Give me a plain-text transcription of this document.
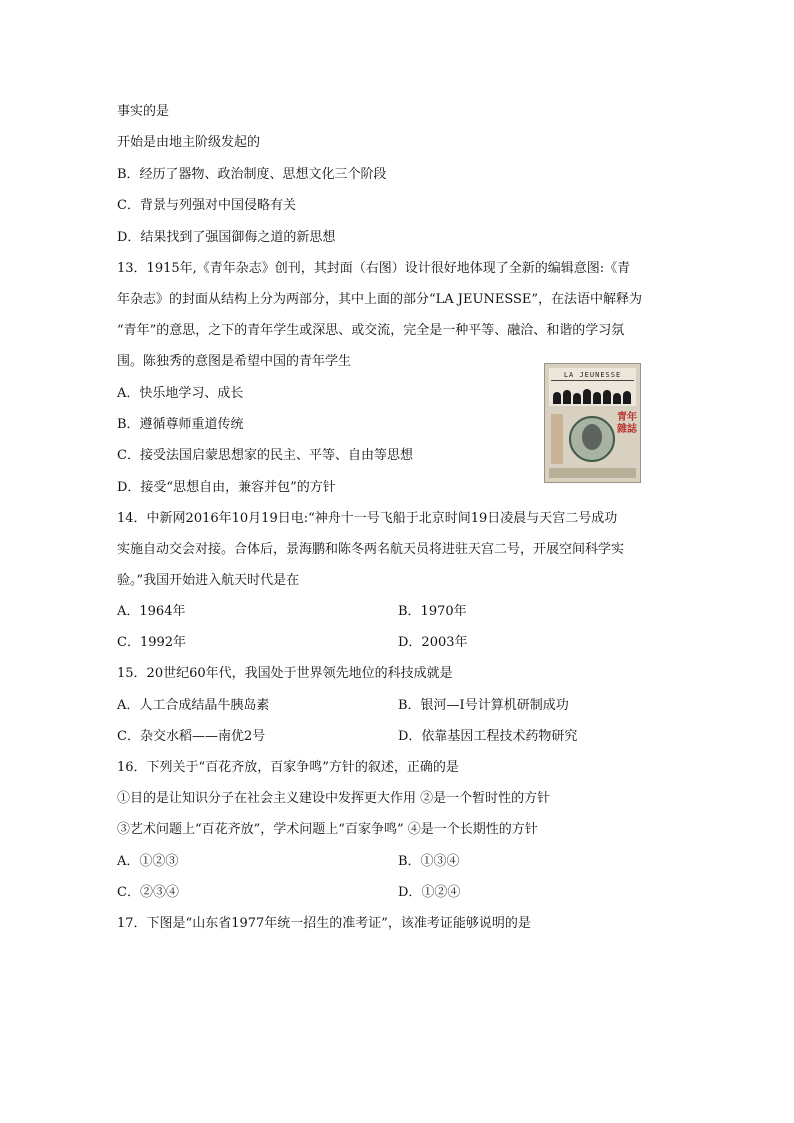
事实的是
开始是由地主阶级发起的
B．经历了器物、政治制度、思想文化三个阶段
C．背景与列强对中国侵略有关
D．结果找到了强国御侮之道的新思想
13．1915年,《青年杂志》创刊，其封面（右图）设计很好地体现了全新的编辑意图:《青
年杂志》的封面从结构上分为两部分，其中上面的部分“LA JEUNESSE”，在法语中解释为
“青年”的意思，之下的青年学生或深思、或交流，完全是一种平等、融洽、和谐的学习氛
围。陈独秀的意图是希望中国的青年学生
A．快乐地学习、成长
B．遵循尊师重道传统
C．接受法国启蒙思想家的民主、平等、自由等思想
D．接受“思想自由，兼容并包”的方针
LA JEUNESSE
青年雜誌
14．中新网2016年10月19日电:“神舟十一号飞船于北京时间19日凌晨与天宫二号成功
实施自动交会对接。合体后，景海鹏和陈冬两名航天员将进驻天宫二号，开展空间科学实
验。”我国开始进入航天时代是在
A．1964年	B．1970年
C．1992年	D．2003年
15．20世纪60年代，我国处于世界领先地位的科技成就是
A．人工合成结晶牛胰岛素	B．银河—I号计算机研制成功
C．杂交水稻——南优2号	D．依靠基因工程技术药物研究
16．下列关于“百花齐放，百家争鸣”方针的叙述，正确的是
①目的是让知识分子在社会主义建设中发挥更大作用 ②是一个暂时性的方针
③艺术问题上“百花齐放”，学术问题上“百家争鸣” ④是一个长期性的方针
A．①②③	B．①③④
C．②③④	D．①②④
17．下图是“山东省1977年统一招生的准考证”，该准考证能够说明的是
